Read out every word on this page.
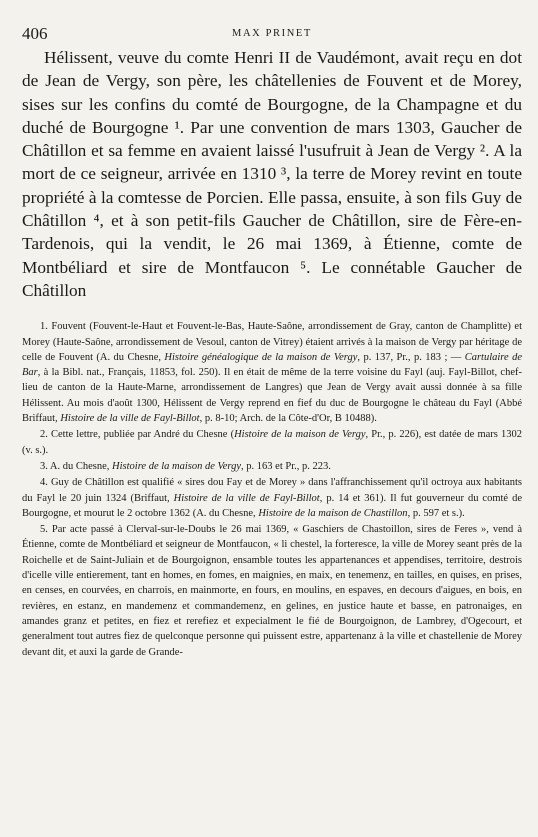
406	MAX PRINET

Hélissent, veuve du comte Henri II de Vaudémont, avait reçu en dot de Jean de Vergy, son père, les châtellenies de Fouvent et de Morey, sises sur les confins du comté de Bourgogne, de la Champagne et du duché de Bourgogne ¹. Par une convention de mars 1303, Gaucher de Châtillon et sa femme en avaient laissé l'usufruit à Jean de Vergy ². A la mort de ce seigneur, arrivée en 1310 ³, la terre de Morey revint en toute propriété à la comtesse de Porcien. Elle passa, ensuite, à son fils Guy de Châtillon ⁴, et à son petit-fils Gaucher de Châtillon, sire de Fère-en-Tardenois, qui la vendit, le 26 mai 1369, à Étienne, comte de Montbéliard et sire de Montfaucon ⁵. Le connétable Gaucher de Châtillon

1. Fouvent (Fouvent-le-Haut et Fouvent-le-Bas, Haute-Saône, arrondissement de Gray, canton de Champlitte) et Morey (Haute-Saône, arrondissement de Vesoul, canton de Vitrey) étaient arrivés à la maison de Vergy par héritage de celle de Fouvent (A. du Chesne, Histoire généalogique de la maison de Vergy, p. 137, Pr., p. 183 ; — Cartulaire de Bar, à la Bibl. nat., Français, 11853, fol. 250). Il en était de même de la terre voisine du Fayl (auj. Fayl-Billot, chef-lieu de canton de la Haute-Marne, arrondissement de Langres) que Jean de Vergy avait aussi donnée à sa fille Hélissent. Au mois d'août 1300, Hélissent de Vergy reprend en fief du duc de Bourgogne le château du Fayl (Abbé Briffaut, Histoire de la ville de Fayl-Billot, p. 8-10; Arch. de la Côte-d'Or, B 10488).

2. Cette lettre, publiée par André du Chesne (Histoire de la maison de Vergy, Pr., p. 226), est datée de mars 1302 (v. s.).

3. A. du Chesne, Histoire de la maison de Vergy, p. 163 et Pr., p. 223.

4. Guy de Châtillon est qualifié « sires dou Fay et de Morey » dans l'affranchissement qu'il octroya aux habitants du Fayl le 20 juin 1324 (Briffaut, Histoire de la ville de Fayl-Billot, p. 14 et 361). Il fut gouverneur du comté de Bourgogne, et mourut le 2 octobre 1362 (A. du Chesne, Histoire de la maison de Chastillon, p. 597 et s.).

5. Par acte passé à Clerval-sur-le-Doubs le 26 mai 1369, « Gaschiers de Chastoillon, sires de Feres », vend à Étienne, comte de Montbéliard et seigneur de Montfaucon, « li chestel, la forteresce, la ville de Morey seant près de la Roichelle et de Saint-Juliain et de Bourgoignon, ensamble toutes les appartenances et appendises, territoire, destrois d'icelle ville entierement, tant en homes, en fomes, en maignies, en maix, en tenemenz, en tailles, en quises, en prises, en censes, en courvées, en charrois, en mainmorte, en fours, en moulins, en espaves, en decours d'aigues, en bois, en revières, en estanz, en mandemenz et commandemenz, en gelines, en justice haute et basse, en patronaiges, en amandes granz et petites, en fiez et rerefiez et expecialment le fié de Bourgoignon, de Lambrey, d'Ogecourt, et generalment tout autres fiez de quelconque personne qui puissent estre, appartenanz à la ville et chastellenie de Morey devant dit, et auxi la garde de Grande-
